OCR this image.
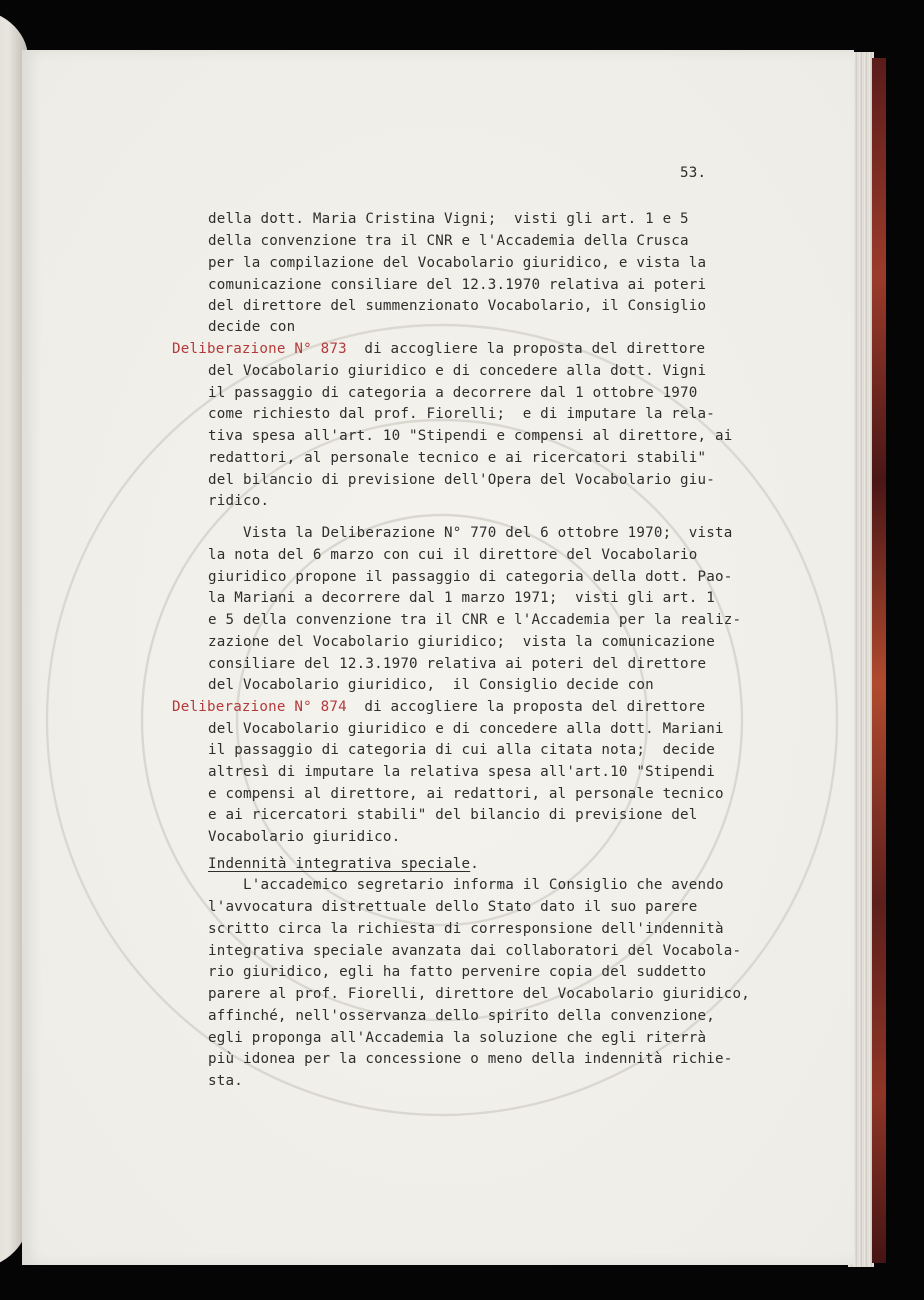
53.
della dott. Maria Cristina Vigni;  visti gli art. 1 e 5
della convenzione tra il CNR e l'Accademia della Crusca
per la compilazione del Vocabolario giuridico, e vista la
comunicazione consiliare del 12.3.1970 relativa ai poteri
del direttore del summenzionato Vocabolario, il Consiglio
decide con
Deliberazione N° 873  di accogliere la proposta del direttore
del Vocabolario giuridico e di concedere alla dott. Vigni
il passaggio di categoria a decorrere dal 1 ottobre 1970
come richiesto dal prof. Fiorelli;  e di imputare la rela-
tiva spesa all'art. 10 "Stipendi e compensi al direttore, ai
redattori, al personale tecnico e ai ricercatori stabili"
del bilancio di previsione dell'Opera del Vocabolario giu-
ridico.
Vista la Deliberazione N° 770 del 6 ottobre 1970;  vista
la nota del 6 marzo con cui il direttore del Vocabolario
giuridico propone il passaggio di categoria della dott. Pao-
la Mariani a decorrere dal 1 marzo 1971;  visti gli art. 1
e 5 della convenzione tra il CNR e l'Accademia per la realiz-
zazione del Vocabolario giuridico;  vista la comunicazione
consiliare del 12.3.1970 relativa ai poteri del direttore
del Vocabolario giuridico,  il Consiglio decide con
Deliberazione N° 874  di accogliere la proposta del direttore
del Vocabolario giuridico e di concedere alla dott. Mariani
il passaggio di categoria di cui alla citata nota;  decide
altresì di imputare la relativa spesa all'art.10 "Stipendi
e compensi al direttore, ai redattori, al personale tecnico
e ai ricercatori stabili" del bilancio di previsione del
Vocabolario giuridico.
Indennità integrativa speciale.
L'accademico segretario informa il Consiglio che avendo
l'avvocatura distrettuale dello Stato dato il suo parere
scritto circa la richiesta di corresponsione dell'indennità
integrativa speciale avanzata dai collaboratori del Vocabola-
rio giuridico, egli ha fatto pervenire copia del suddetto
parere al prof. Fiorelli, direttore del Vocabolario giuridico,
affinché, nell'osservanza dello spirito della convenzione,
egli proponga all'Accademia la soluzione che egli riterrà
più idonea per la concessione o meno della indennità richie-
sta.
